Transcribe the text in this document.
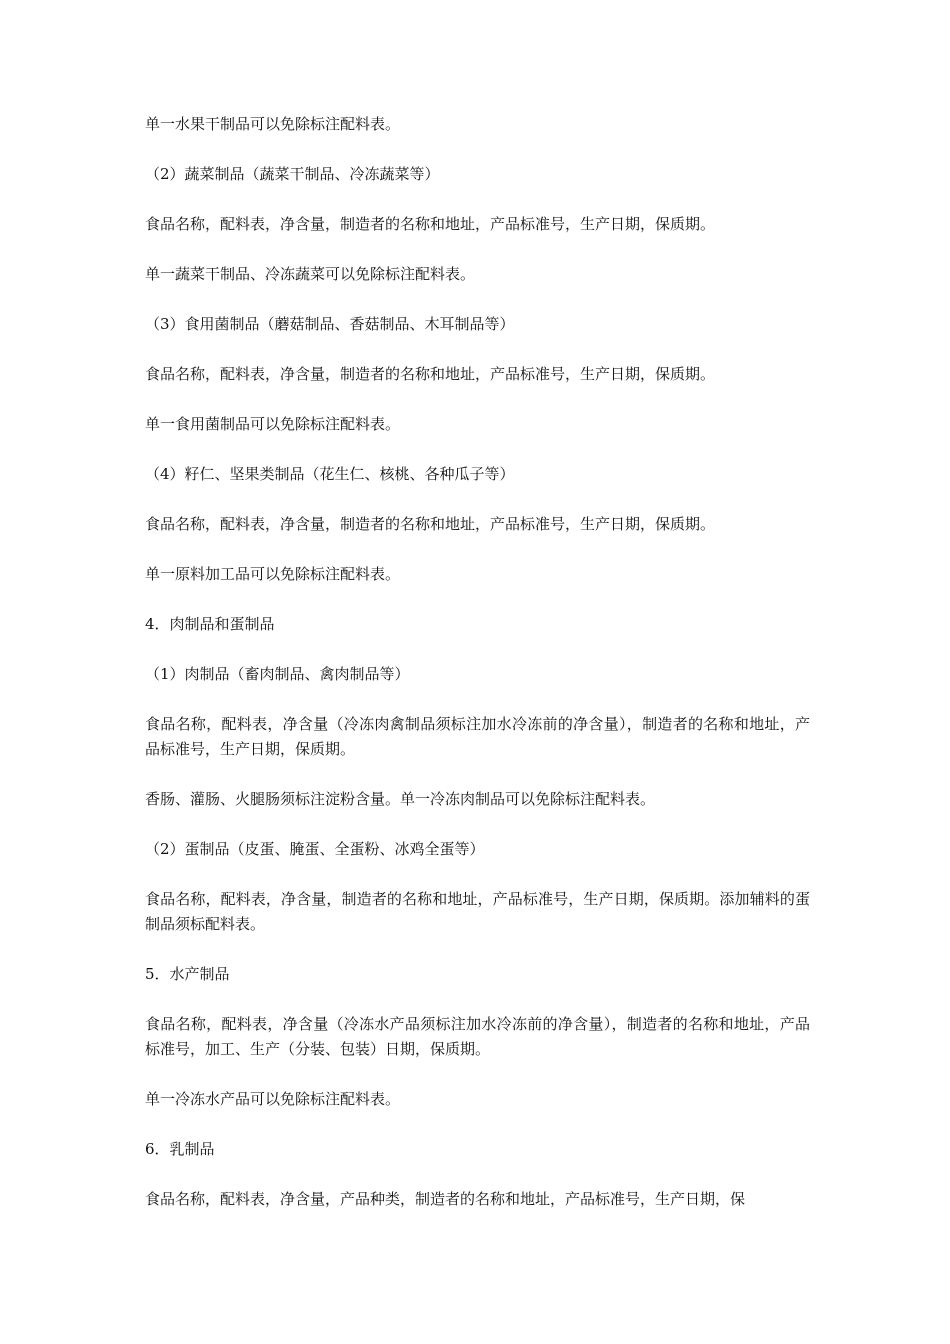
单一水果干制品可以免除标注配料表。

（2）蔬菜制品（蔬菜干制品、冷冻蔬菜等）

食品名称，配料表，净含量，制造者的名称和地址，产品标准号，生产日期，保质期。

单一蔬菜干制品、冷冻蔬菜可以免除标注配料表。

（3）食用菌制品（蘑菇制品、香菇制品、木耳制品等）

食品名称，配料表，净含量，制造者的名称和地址，产品标准号，生产日期，保质期。

单一食用菌制品可以免除标注配料表。

（4）籽仁、坚果类制品（花生仁、核桃、各种瓜子等）

食品名称，配料表，净含量，制造者的名称和地址，产品标准号，生产日期，保质期。

单一原料加工品可以免除标注配料表。

4．肉制品和蛋制品

（1）肉制品（畜肉制品、禽肉制品等）

食品名称，配料表，净含量（冷冻肉禽制品须标注加水冷冻前的净含量），制造者的名称和地址，产品标准号，生产日期，保质期。

香肠、灌肠、火腿肠须标注淀粉含量。单一冷冻肉制品可以免除标注配料表。

（2）蛋制品（皮蛋、腌蛋、全蛋粉、冰鸡全蛋等）

食品名称，配料表，净含量，制造者的名称和地址，产品标准号，生产日期，保质期。添加辅料的蛋制品须标配料表。

5．水产制品

食品名称，配料表，净含量（冷冻水产品须标注加水冷冻前的净含量），制造者的名称和地址，产品标准号，加工、生产（分装、包装）日期，保质期。

单一冷冻水产品可以免除标注配料表。

6．乳制品

食品名称，配料表，净含量，产品种类，制造者的名称和地址，产品标准号，生产日期，保
